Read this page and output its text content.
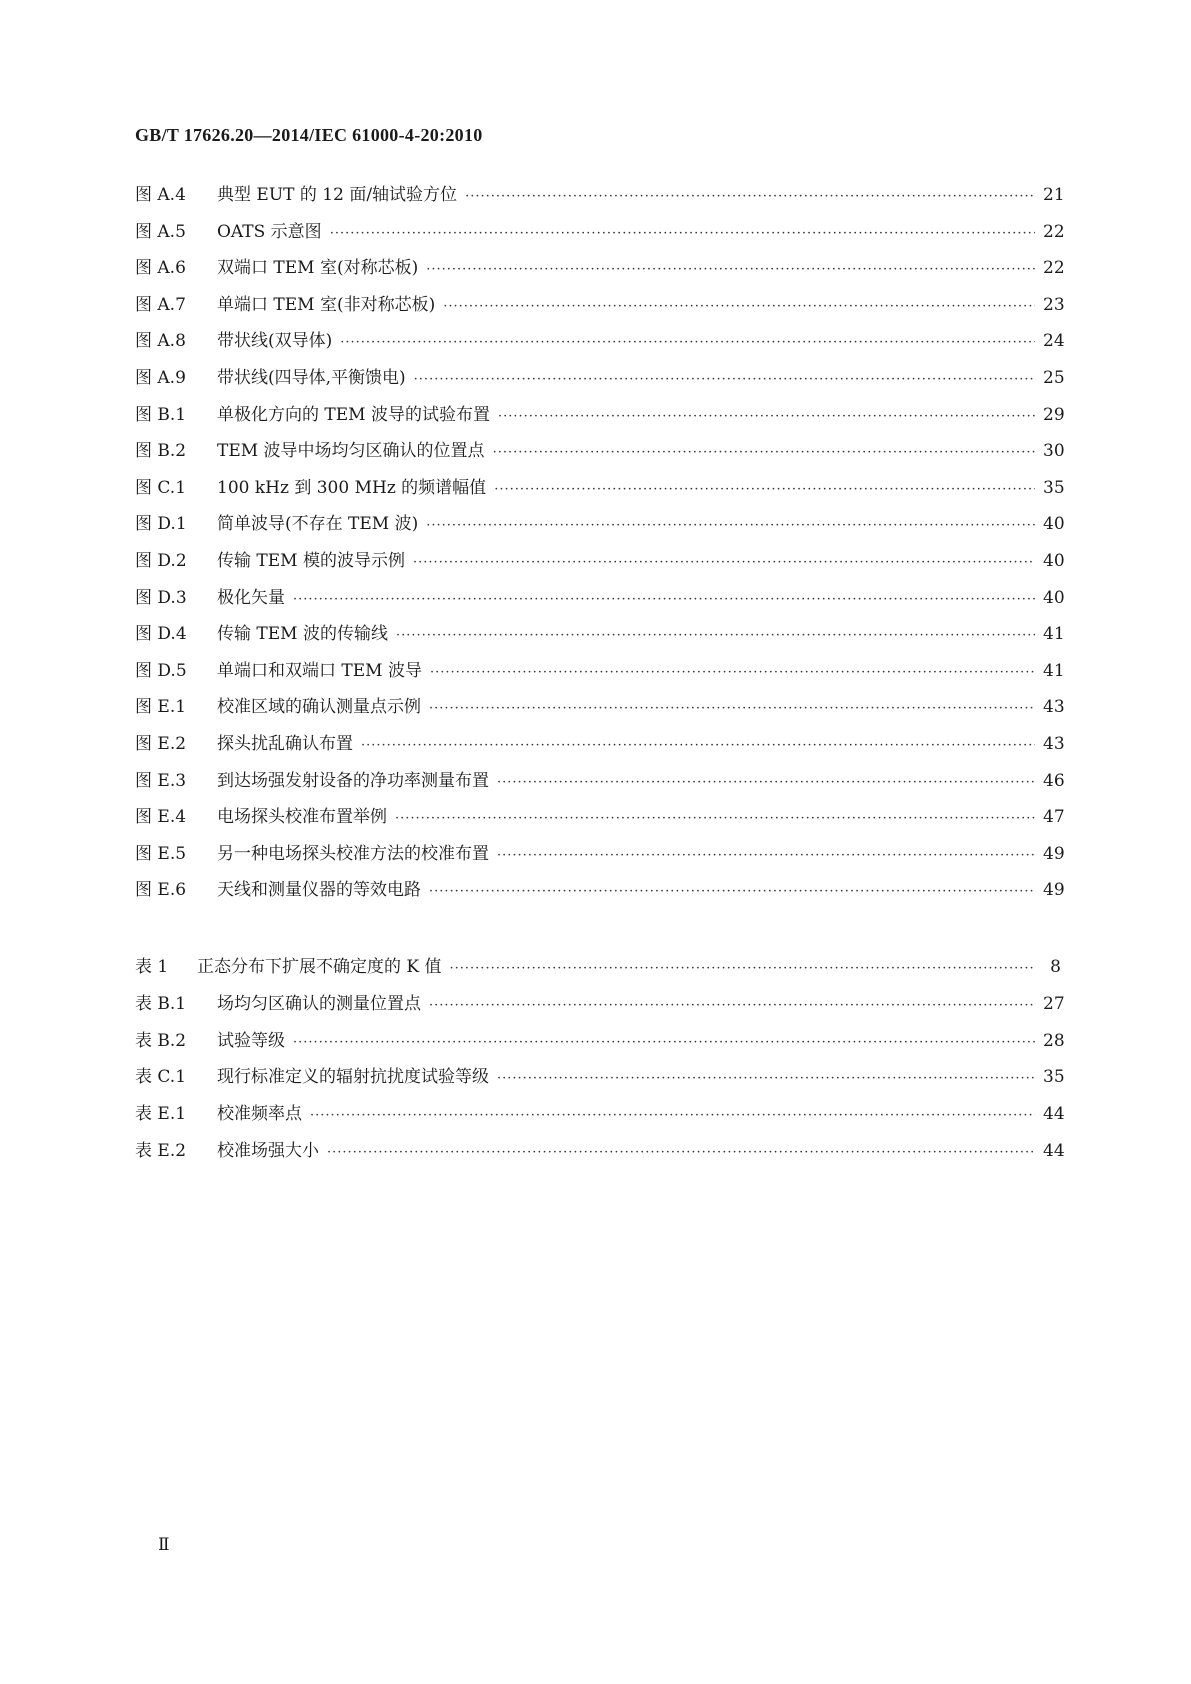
GB/T 17626.20—2014/IEC 61000-4-20:2010
图 A.4	典型 EUT 的 12 面/轴试验方位 ·····	21
图 A.5	OATS 示意图 ·····	22
图 A.6	双端口 TEM 室(对称芯板) ·····	22
图 A.7	单端口 TEM 室(非对称芯板) ·····	23
图 A.8	带状线(双导体) ·····	24
图 A.9	带状线(四导体,平衡馈电) ·····	25
图 B.1	单极化方向的 TEM 波导的试验布置 ·····	29
图 B.2	TEM 波导中场均匀区确认的位置点 ·····	30
图 C.1	100 kHz 到 300 MHz 的频谱幅值 ·····	35
图 D.1	简单波导(不存在 TEM 波) ·····	40
图 D.2	传输 TEM 模的波导示例 ·····	40
图 D.3	极化矢量 ·····	40
图 D.4	传输 TEM 波的传输线 ·····	41
图 D.5	单端口和双端口 TEM 波导 ·····	41
图 E.1	校准区域的确认测量点示例 ·····	43
图 E.2	探头扰乱确认布置 ·····	43
图 E.3	到达场强发射设备的净功率测量布置 ·····	46
图 E.4	电场探头校准布置举例 ·····	47
图 E.5	另一种电场探头校准方法的校准布置 ·····	49
图 E.6	天线和测量仪器的等效电路 ·····	49
表 1	正态分布下扩展不确定度的 K 值 ·····	8
表 B.1	场均匀区确认的测量位置点 ·····	27
表 B.2	试验等级 ·····	28
表 C.1	现行标准定义的辐射抗扰度试验等级 ·····	35
表 E.1	校准频率点 ·····	44
表 E.2	校准场强大小 ·····	44
Ⅱ
